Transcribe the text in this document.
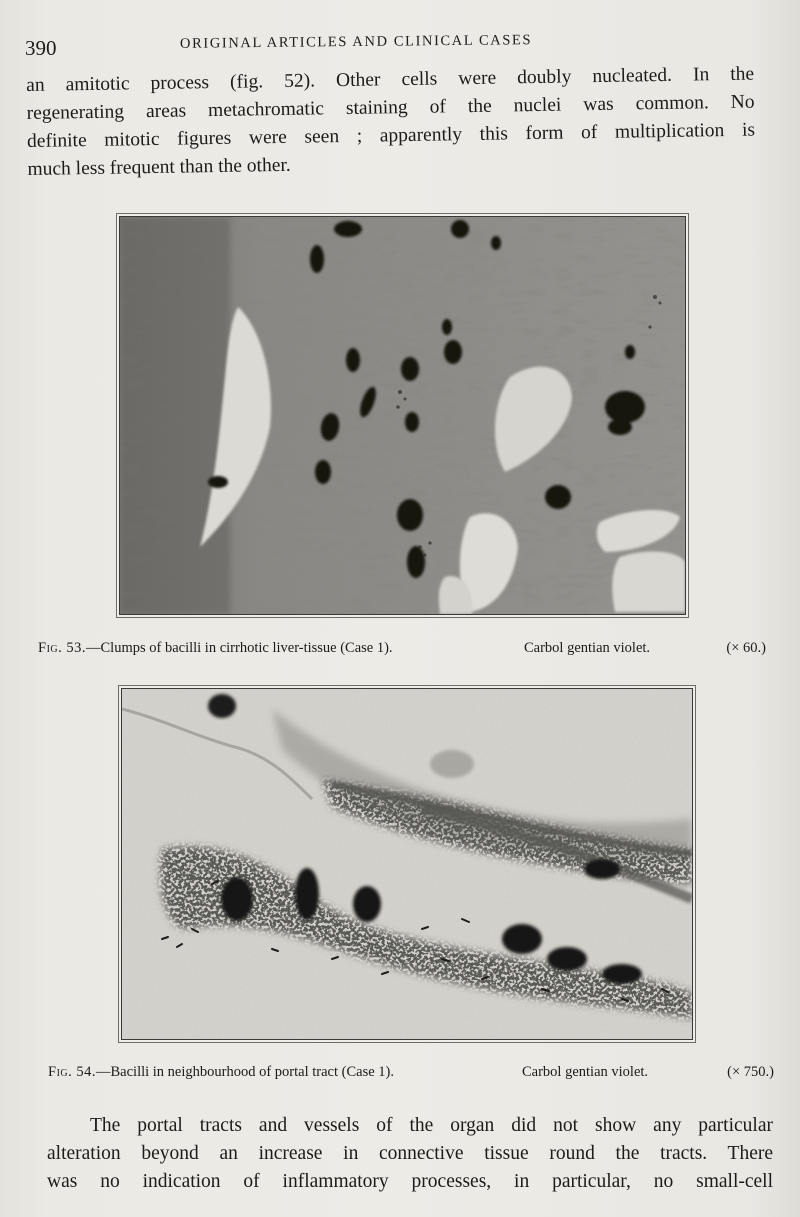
390	ORIGINAL ARTICLES AND CLINICAL CASES
an amitotic process (fig. 52). Other cells were doubly nucleated. In the
regenerating areas metachromatic staining of the nuclei was common. No
definite mitotic figures were seen ; apparently this form of multiplication is
much less frequent than the other.
Fig. 53.—Clumps of bacilli in cirrhotic liver-tissue (Case 1).	Carbol gentian violet.	(× 60.)
Fig. 54.—Bacilli in neighbourhood of portal tract (Case 1).	Carbol gentian violet.	(× 750.)
The portal tracts and vessels of the organ did not show any particular
alteration beyond an increase in connective tissue round the tracts. There
was no indication of inflammatory processes, in particular, no small-cell
